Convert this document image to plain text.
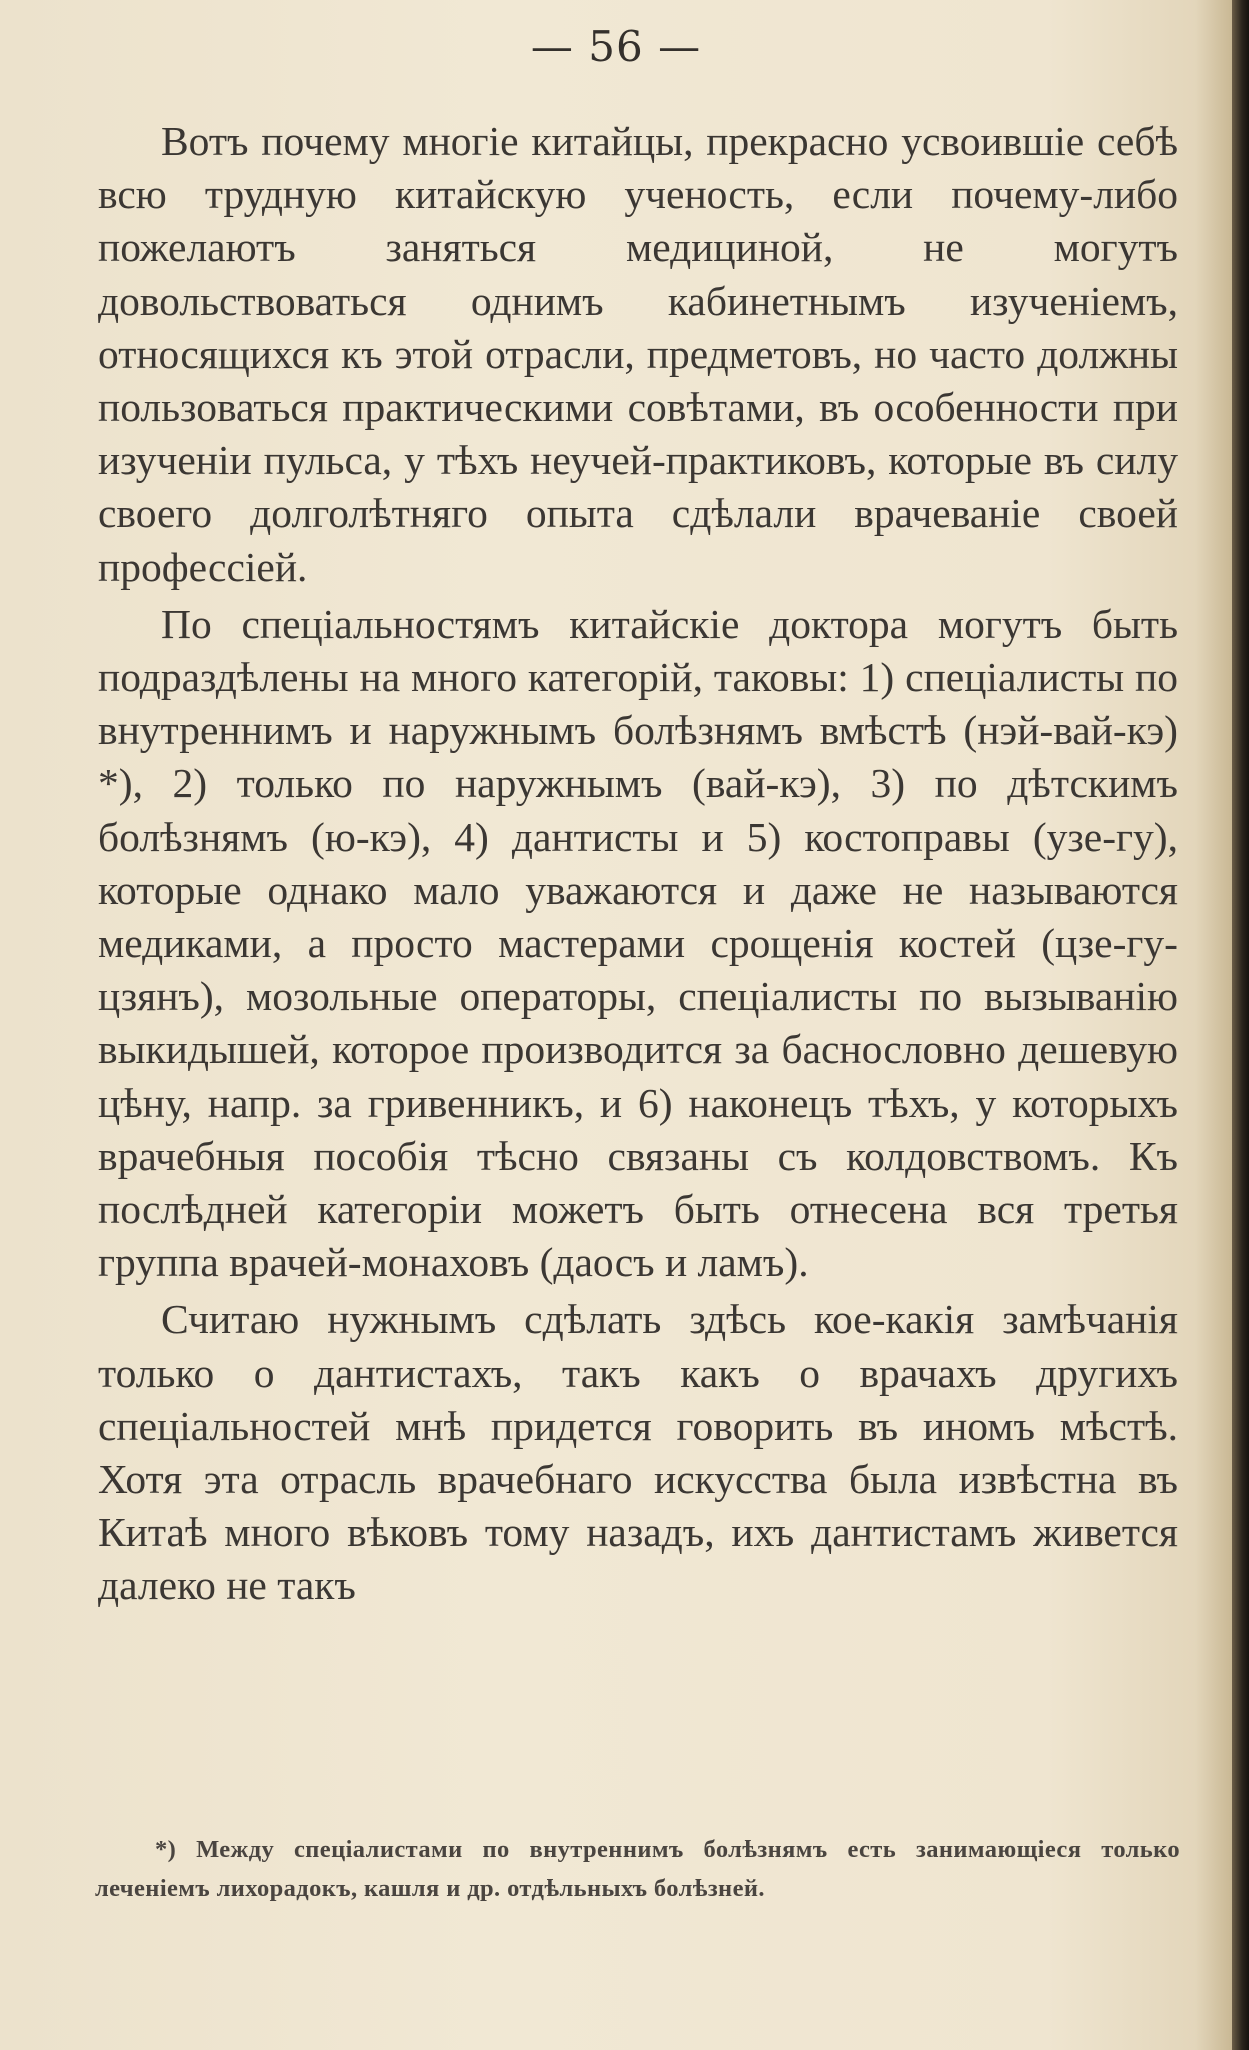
— 56 —

Вотъ почему многіе китайцы, прекрасно усвоившіе себѣ всю трудную китайскую ученость, если почему-либо пожелаютъ заняться медициной, не могутъ довольствоваться однимъ кабинетнымъ изученіемъ, относящихся къ этой отрасли, предметовъ, но часто должны пользоваться практическими совѣтами, въ особенности при изученіи пульса, у тѣхъ неучей-практиковъ, которые въ силу своего долголѣтняго опыта сдѣлали врачеваніе своей профессіей.

По спеціальностямъ китайскіе доктора могутъ быть подраздѣлены на много категорій, таковы: 1) спеціалисты по внутреннимъ и наружнымъ болѣзнямъ вмѣстѣ (нэй-вай-кэ) *), 2) только по наружнымъ (вай-кэ), 3) по дѣтскимъ болѣзнямъ (ю-кэ), 4) дантисты и 5) костоправы (узе-гу), которые однако мало уважаются и даже не называются медиками, а просто мастерами срощенія костей (цзе-гу-цзянъ), мозольные операторы, спеціалисты по вызыванію выкидышей, которое производится за баснословно дешевую цѣну, напр. за гривенникъ, и 6) наконецъ тѣхъ, у которыхъ врачебныя пособія тѣсно связаны съ колдовствомъ. Къ послѣдней категоріи можетъ быть отнесена вся третья группа врачей-монаховъ (даосъ и ламъ).

Считаю нужнымъ сдѣлать здѣсь кое-какія замѣчанія только о дантистахъ, такъ какъ о врачахъ другихъ спеціальностей мнѣ придется говорить въ иномъ мѣстѣ. Хотя эта отрасль врачебнаго искусства была извѣстна въ Китаѣ много вѣковъ тому назадъ, ихъ дантистамъ живется далеко не такъ

*) Между спеціалистами по внутреннимъ болѣзнямъ есть занимающіеся только леченіемъ лихорадокъ, кашля и др. отдѣльныхъ болѣзней.
